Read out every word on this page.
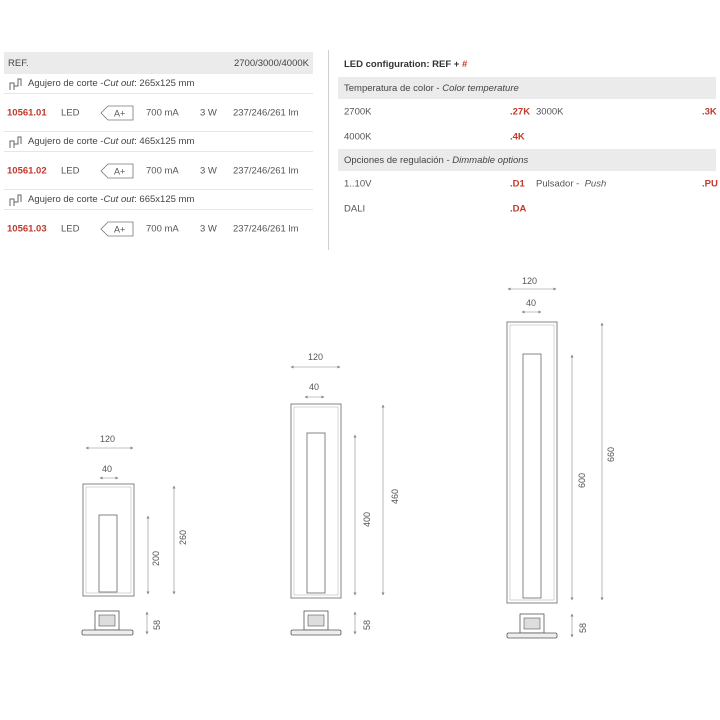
REF.	2700/3000/4000K
Agujero de corte - Cut out : 265x125 mm
10561.01 LED	A+ 700 mA 3 W 237/246/261 lm
Agujero de corte - Cut out : 465x125 mm
10561.02 LED	A+ 700 mA 3 W 237/246/261 lm
Agujero de corte - Cut out : 665x125 mm
10561.03 LED	A+ 700 mA 3 W 237/246/261 lm
LED configuration:
REF +
#
Temperatura de color -
Color temperature
2700K	.27K 3000K	.3K
4000K	.4K
Opciones de regulación -
Dimmable options
1..10V	.D1 Pulsador -  Push	.PU
DALI	.DA
120
40
200
260
58
120
40
400
460
58
120
40
600
660
58
